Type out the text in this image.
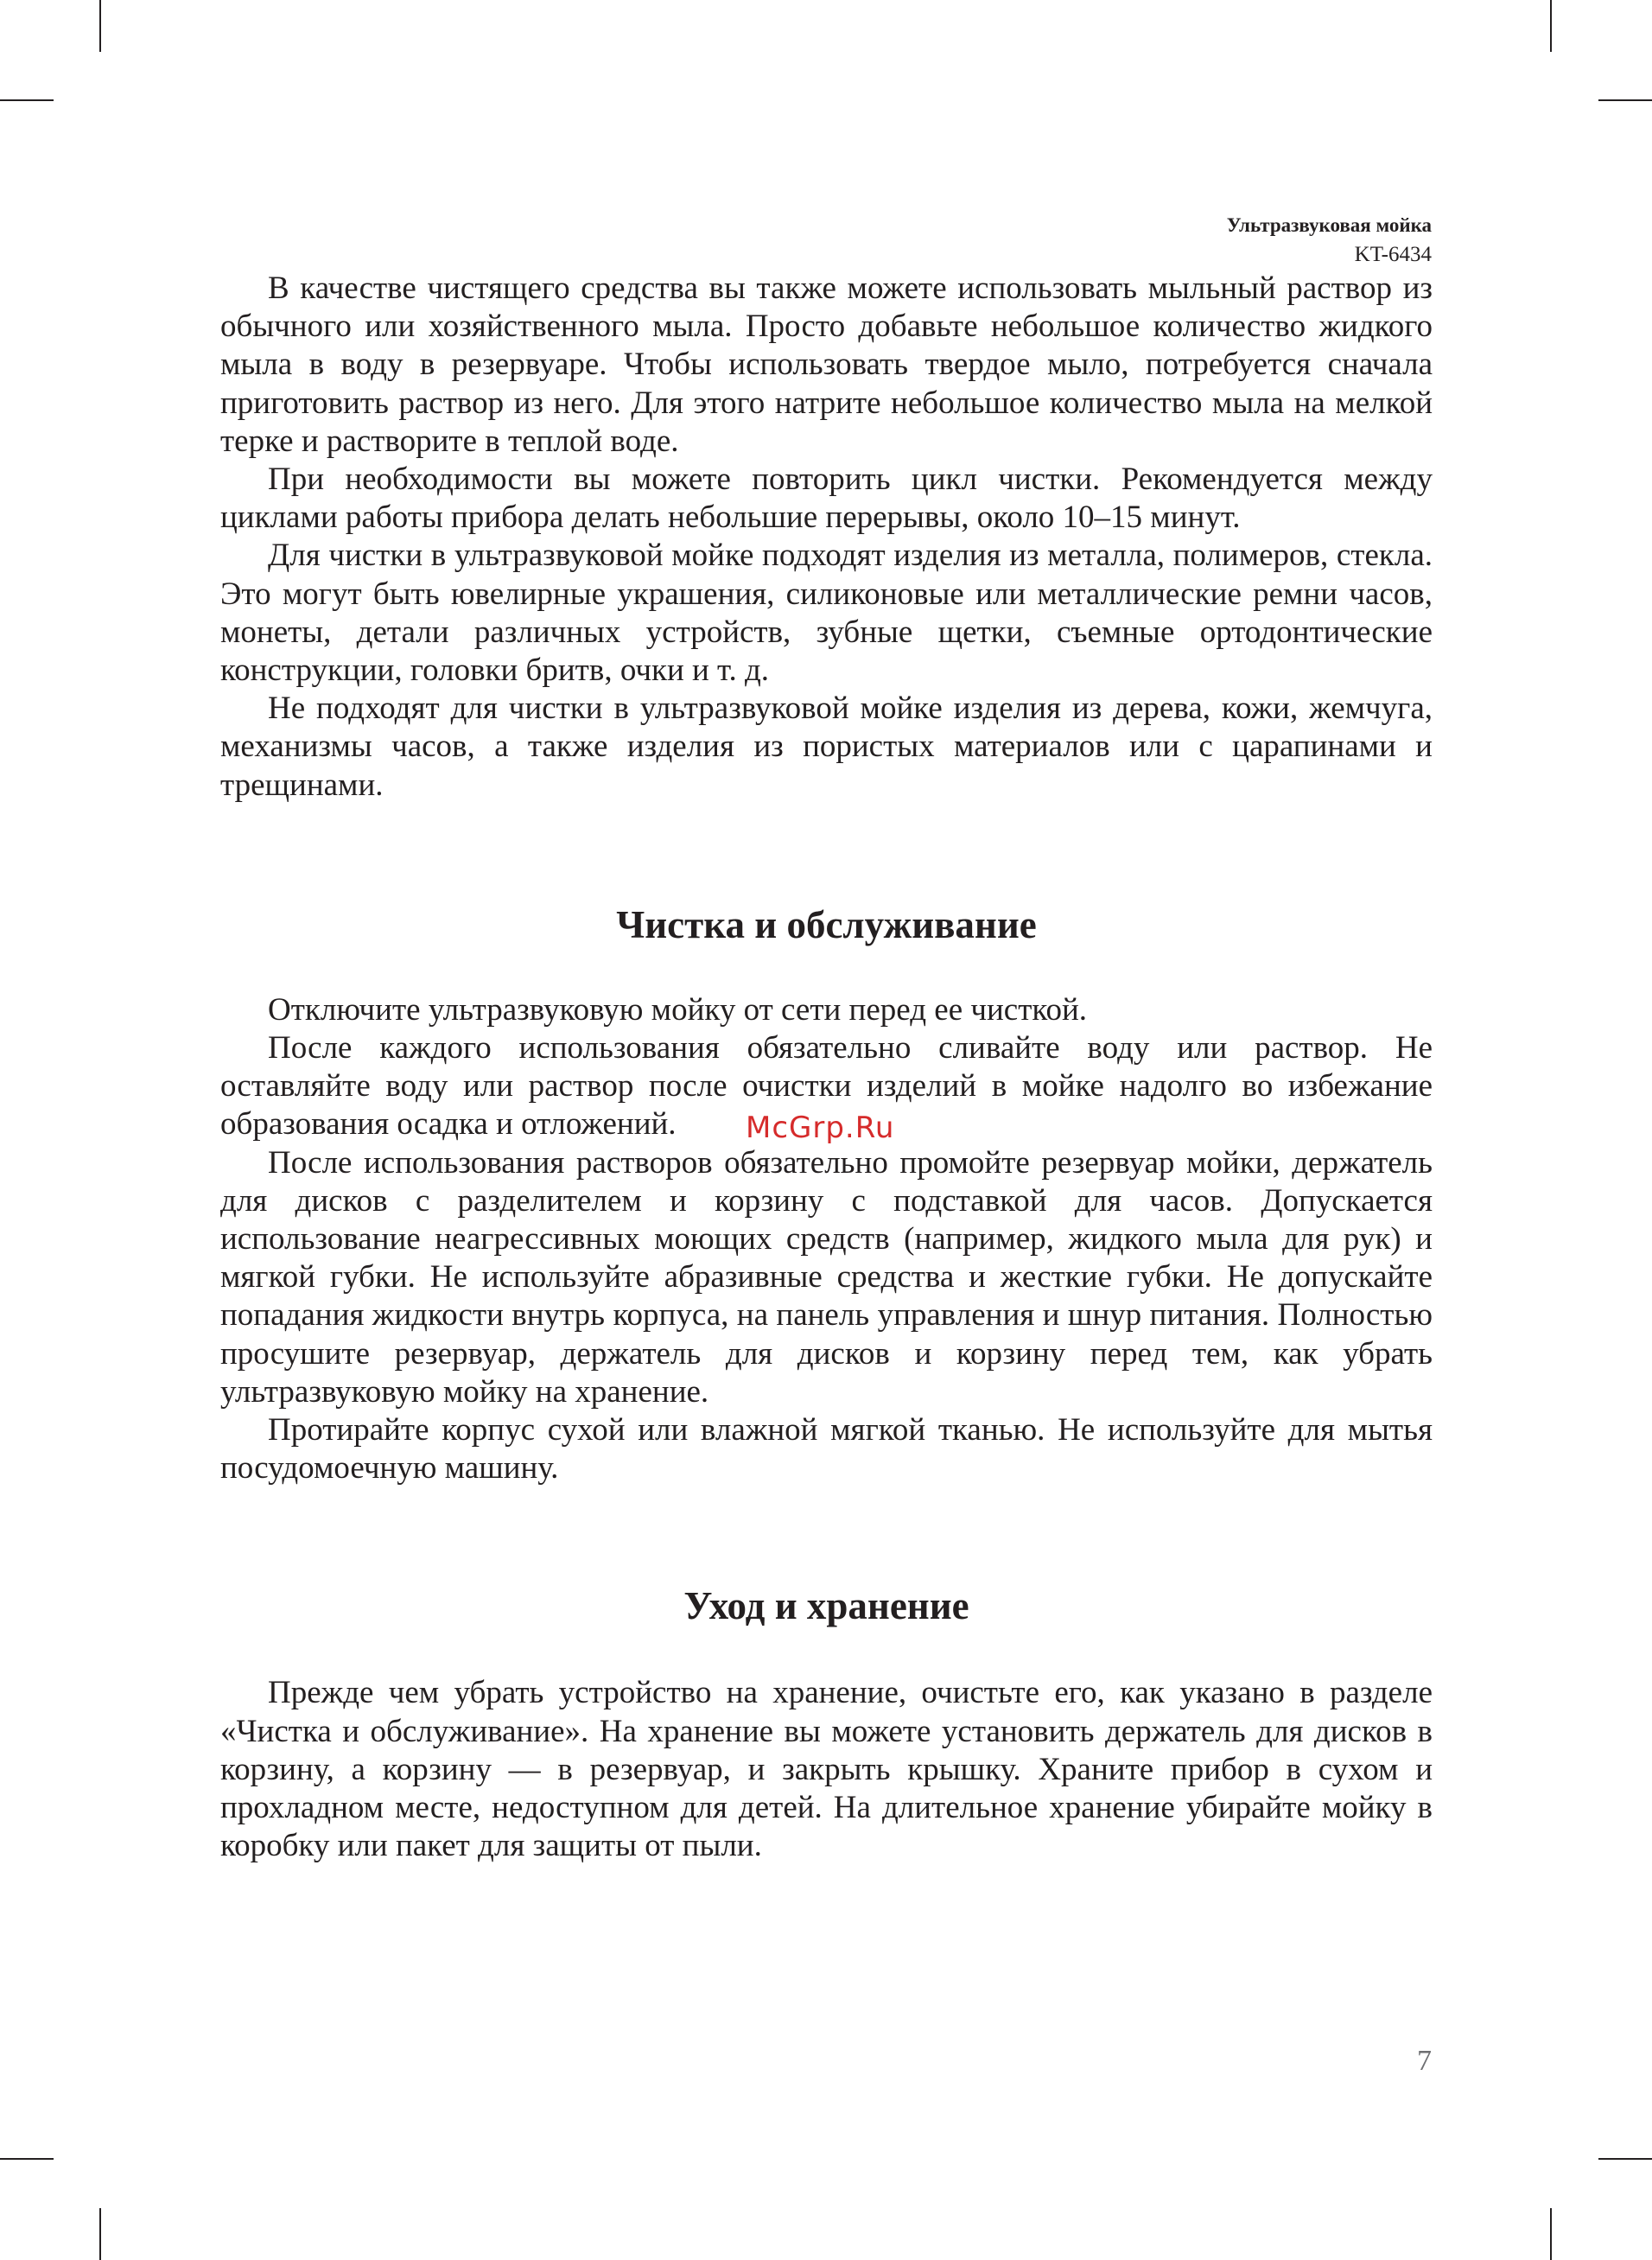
Ультразвуковая мойка
KT-6434

В качестве чистящего средства вы также можете использовать мыльный раствор из обычного или хозяйственного мыла. Просто добавьте небольшое количество жидкого мыла в воду в резервуаре. Чтобы использовать твердое мыло, потребуется сначала приготовить раствор из него. Для этого натрите небольшое количество мыла на мелкой терке и растворите в теплой воде.

При необходимости вы можете повторить цикл чистки. Рекомендуется между циклами работы прибора делать небольшие перерывы, около 10–15 минут.

Для чистки в ультразвуковой мойке подходят изделия из металла, полимеров, стекла. Это могут быть ювелирные украшения, силиконовые или металлические ремни часов, монеты, детали различных устройств, зубные щетки, съемные ортодонтические конструкции, головки бритв, очки и т. д.

Не подходят для чистки в ультразвуковой мойке изделия из дерева, кожи, жемчуга, механизмы часов, а также изделия из пористых материалов или с царапинами и трещинами.

Чистка и обслуживание

Отключите ультразвуковую мойку от сети перед ее чисткой.

После каждого использования обязательно сливайте воду или раствор. Не оставляйте воду или раствор после очистки изделий в мойке надолго во избежание образования осадка и отложений.

После использования растворов обязательно промойте резервуар мойки, держатель для дисков с разделителем и корзину с подставкой для часов. Допускается использование неагрессивных моющих средств (например, жидкого мыла для рук) и мягкой губки. Не используйте абразивные средства и жесткие губки. Не допускайте попадания жидкости внутрь корпуса, на панель управления и шнур питания. Полностью просушите резервуар, держатель для дисков и корзину перед тем, как убрать ультразвуковую мойку на хранение.

Протирайте корпус сухой или влажной мягкой тканью. Не используйте для мытья посудомоечную машину.

Уход и хранение

Прежде чем убрать устройство на хранение, очистьте его, как указано в разделе «Чистка и обслуживание». На хранение вы можете установить держатель для дисков в корзину, а корзину — в резервуар, и закрыть крышку. Храните прибор в сухом и прохладном месте, недоступном для детей. На длительное хранение убирайте мойку в коробку или пакет для защиты от пыли.

McGrp.Ru
7
